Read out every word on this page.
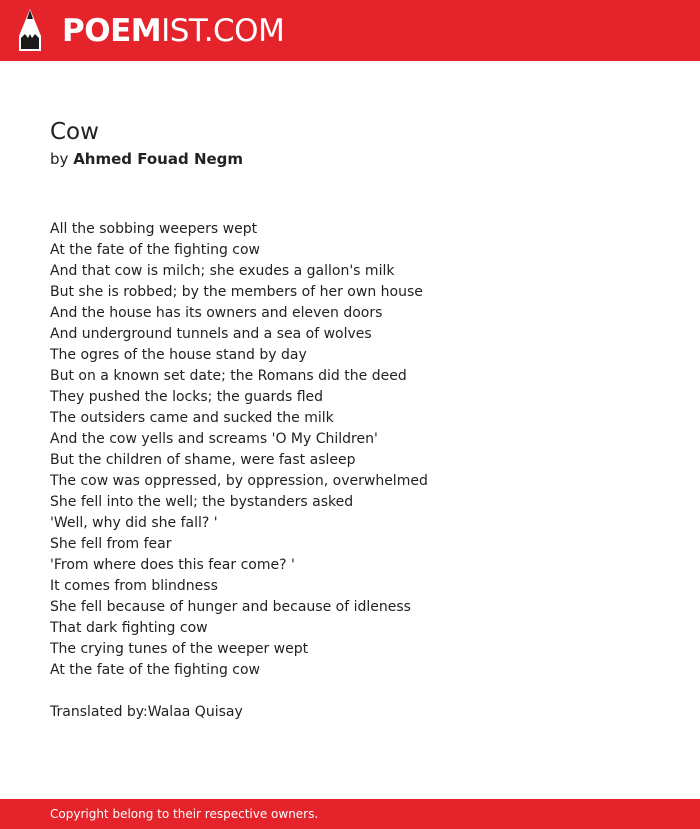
POEMIST.COM
Cow
by Ahmed Fouad Negm
All the sobbing weepers wept
At the fate of the fighting cow
And that cow is milch; she exudes a gallon's milk
But she is robbed; by the members of her own house
And the house has its owners and eleven doors
And underground tunnels and a sea of wolves
The ogres of the house stand by day
But on a known set date; the Romans did the deed
They pushed the locks; the guards fled
The outsiders came and sucked the milk
And the cow yells and screams 'O My Children'
But the children of shame, were fast asleep
The cow was oppressed, by oppression, overwhelmed
She fell into the well; the bystanders asked
'Well, why did she fall? '
She fell from fear
'From where does this fear come? '
It comes from blindness
She fell because of hunger and because of idleness
That dark fighting cow
The crying tunes of the weeper wept
At the fate of the fighting cow
Translated by:Walaa Quisay
Copyright belong to their respective owners.
